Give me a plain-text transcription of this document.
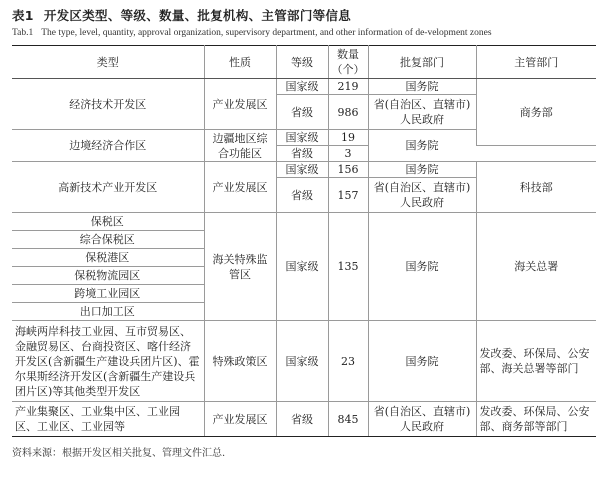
表1 开发区类型、等级、数量、批复机构、主管部门等信息
Tab.1 The type, level, quantity, approval organization, supervisory department, and other information of de-velopment zones
类型	性质	等级	数量（个）	批复部门	主管部门
经济技术开发区	产业发展区	国家级	219	国务院	商务部
		省级	986	省(自治区、直辖市)人民政府	
边境经济合作区	边疆地区综合功能区	国家级	19	国务院	
		省级	3		
高新技术产业开发区	产业发展区	国家级	156	国务院	科技部
		省级	157	省(自治区、直辖市)人民政府	

保税区	海关特殊监管区	国家级	135	国务院	海关总署

综合保税区					

保税港区					

保税物流园区					

跨境工业园区					

出口加工区					

海峡两岸科技工业园、互市贸易区、金融贸易区、台商投资区、喀什经济开发区(含新疆生产建设兵团片区)、霍尔果斯经济开发区(含新疆生产建设兵团片区)等其他类型开发区	特殊政策区	国家级	23	国务院	发改委、环保局、公安部、海关总署等部门
产业集聚区、工业集中区、工业园区、工业区、工业园等	产业发展区	省级	845	省(自治区、直辖市)人民政府	发改委、环保局、公安部、商务部等部门
资料来源：根据开发区相关批复、管理文件汇总.
